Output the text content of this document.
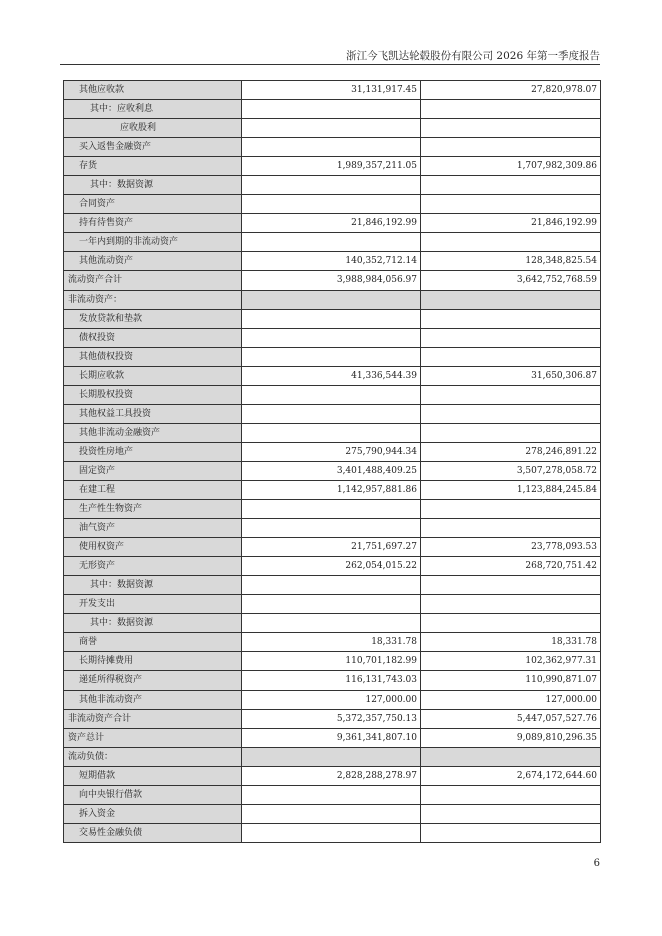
浙江今飞凯达轮毂股份有限公司 2026 年第一季度报告
其他应收款	31,131,917.45	27,820,978.07
其中：应收利息		
应收股利		
买入返售金融资产		
存货	1,989,357,211.05	1,707,982,309.86
其中：数据资源		
合同资产		
持有待售资产	21,846,192.99	21,846,192.99
一年内到期的非流动资产		
其他流动资产	140,352,712.14	128,348,825.54
流动资产合计	3,988,984,056.97	3,642,752,768.59
非流动资产：		
发放贷款和垫款		
债权投资		
其他债权投资		
长期应收款	41,336,544.39	31,650,306.87
长期股权投资		
其他权益工具投资		
其他非流动金融资产		
投资性房地产	275,790,944.34	278,246,891.22
固定资产	3,401,488,409.25	3,507,278,058.72
在建工程	1,142,957,881.86	1,123,884,245.84
生产性生物资产		
油气资产		
使用权资产	21,751,697.27	23,778,093.53
无形资产	262,054,015.22	268,720,751.42
其中：数据资源		
开发支出		
其中：数据资源		
商誉	18,331.78	18,331.78
长期待摊费用	110,701,182.99	102,362,977.31
递延所得税资产	116,131,743.03	110,990,871.07
其他非流动资产	127,000.00	127,000.00
非流动资产合计	5,372,357,750.13	5,447,057,527.76
资产总计	9,361,341,807.10	9,089,810,296.35
流动负债：		
短期借款	2,828,288,278.97	2,674,172,644.60
向中央银行借款		
拆入资金		
交易性金融负债		
6
